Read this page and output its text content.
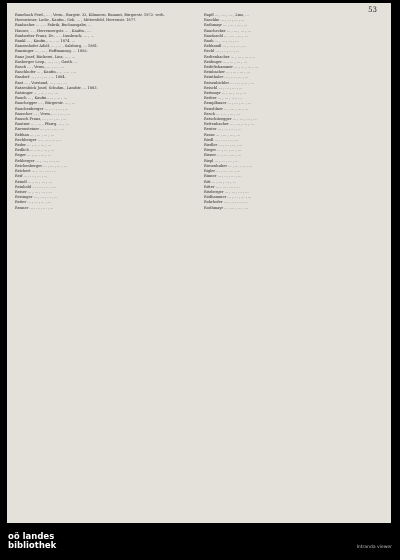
53

Ranebach Ferd., ... , Verm., Burgstr. 32, Kilmnern, Bauamt, Bürgerstr. 1872. verh.

Hoenwieser, Ludw., Kaufm., Geb. ... , Mittersfeld, Herrenstr. 1877.

Ranbacher ... , ... Fabrik, Buchausgabe, ...

Hauser, ... , Herrensergstr. ... , Kaufm., ...

Ranbarber Franz, Dr., ... , Innsbruck, ... , ...

Rankl ... , Kaufm., ... , ... 1874. ...

Ranzenhofer Adolf, ... , ... , Salzburg, ... 1881.

Ranzinger ... , ... , Hoffmannsg. ... 1882.

Ranz Josef, Bäckerei, Linz, ... , ...

Rasberger Leop., ... , ... , Gasth. ...

Rasch ... , Verm., ... , ... , ...

Raschhofer ... , Kaufm., ... , ... , ...

Rasdorf ... , ... , ... , ... 1884.

Rast ... , Vorstand, ... , ... , ...

Ratzenböck Josef, Schuhm., Landstr. ... 1883.

Ratzinger ... , ... , ... , ...

Rauch ... , Kaufm., ... , ... , ...

Rauchegger ... , Bürgerstr. ... , ...

Rauchenberger ... , ... , ... , ...

Rauscher ... , Verm., ... , ... , ...

Rausch Franz, ... , ... , ... , ...

Rautner ... , ... , Pfarrg. ... , ...

Ravensteiner ... , ... , ... , ...

Rebhan ... , ... , ... , ...

Rechberger ... , ... , ... , ...

Reder ... , ... , ... , ...

Redlich ... , ... , ... , ...

Reger ... , ... , ... , ...

Rehberger ... , ... , ... , ...

Reichenberger ... , ... , ... , ...

Reichert ... , ... , ... , ...

Reif ... , ... , ... , ...

Reindl ... , ... , ... , ...

Reinhold ... , ... , ... , ...

Reiser ... , ... , ... , ...

Reisinger ... , ... , ... , ...

Reiter ... , ... , ... , ...

Renner ... , ... , ... , ...

Rapfl ... , ... , ... , Linz, ...

Raschke ... , ... , ... , ...

Rathmayr ... , ... , ... , ...

Rauchecker ... , ... , ... , ...

Raudaschl ... , ... , ... , ...

Rauh ... , ... , ... , ...

Rebhandl ... , ... , ... , ...

Rechl ... , ... , ... , ...

Redtenbacher ... , ... , ... , ...

Reidinger ... , ... , ... , ...

Reifeltshammer ... , ... , ... , ...

Reinbacher ... , ... , ... , ...

Reinthaler ... , ... , ... , ...

Reisenbichler ... , ... , ... , ...

Reischl ... , ... , ... , ...

Reitmayr ... , ... , ... , ...

Reitter ... , ... , ... , ...

Remplbauer ... , ... , ... , ...

Renoldner ... , ... , ... , ...

Resch ... , ... , ... , ...

Retschitzegger ... , ... , ... , ...

Rettenbacher ... , ... , ... , ...

Reuter ... , ... , ... , ...

Rezac ... , ... , ... , ...

Riedl ... , ... , ... , ...

Riedler ... , ... , ... , ...

Rieger ... , ... , ... , ...

Riener ... , ... , ... , ...

Riepl ... , ... , ... , ...

Riesenhuber ... , ... , ... , ...

Rigler ... , ... , ... , ...

Rinner ... , ... , ... , ...

Ritt ... , ... , ... , ...

Ritter ... , ... , ... , ...

Ritzberger ... , ... , ... , ...

Rödhammer ... , ... , ... , ...

Rohrhofer ... , ... , ... , ...

Roithmayr ... , ... , ... , ...

oö landes
bibliothek	Intranda viewer
